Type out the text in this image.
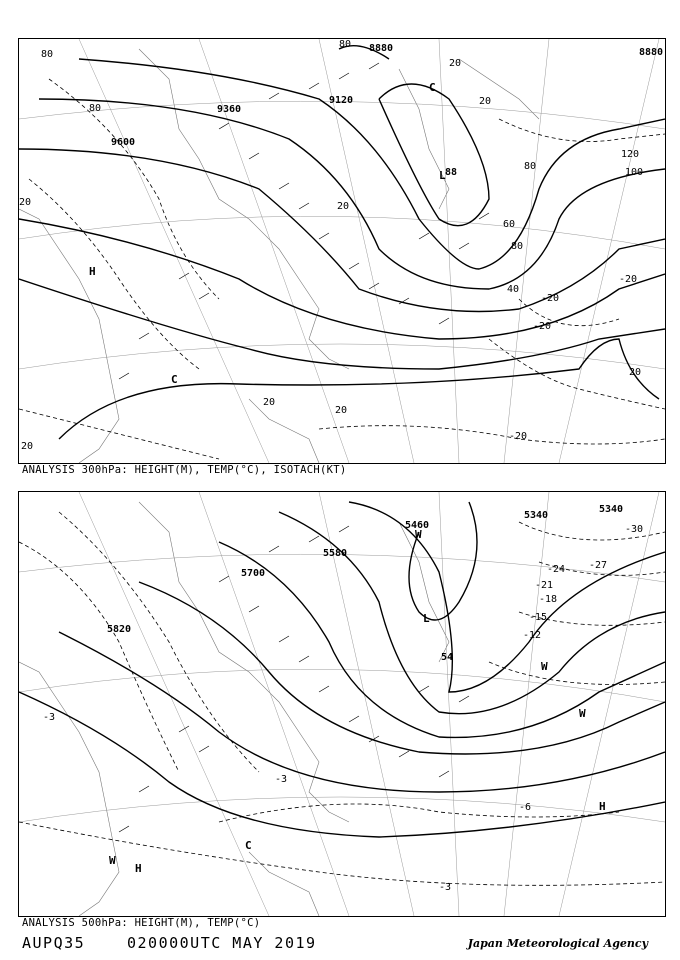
8880	8880
9120
9360
9600
88
80
80
80
80
120
100
80
60
40
20
20
20	20
20
20
20
20
-20
-20
-20
-20
H
C
C
L
ANALYSIS 300hPa: HEIGHT(M), TEMP(°C), ISOTACH(KT)
5340
5460
5340
5580
5700
5820
54
-30
-27
-24
-21
-18
-15
-12
-3
-3
-6
-3
H
H
W
W
W
W
C
L
ANALYSIS 500hPa: HEIGHT(M), TEMP(°C)
AUPQ35	020000UTC MAY 2019	Japan Meteorological Agency
